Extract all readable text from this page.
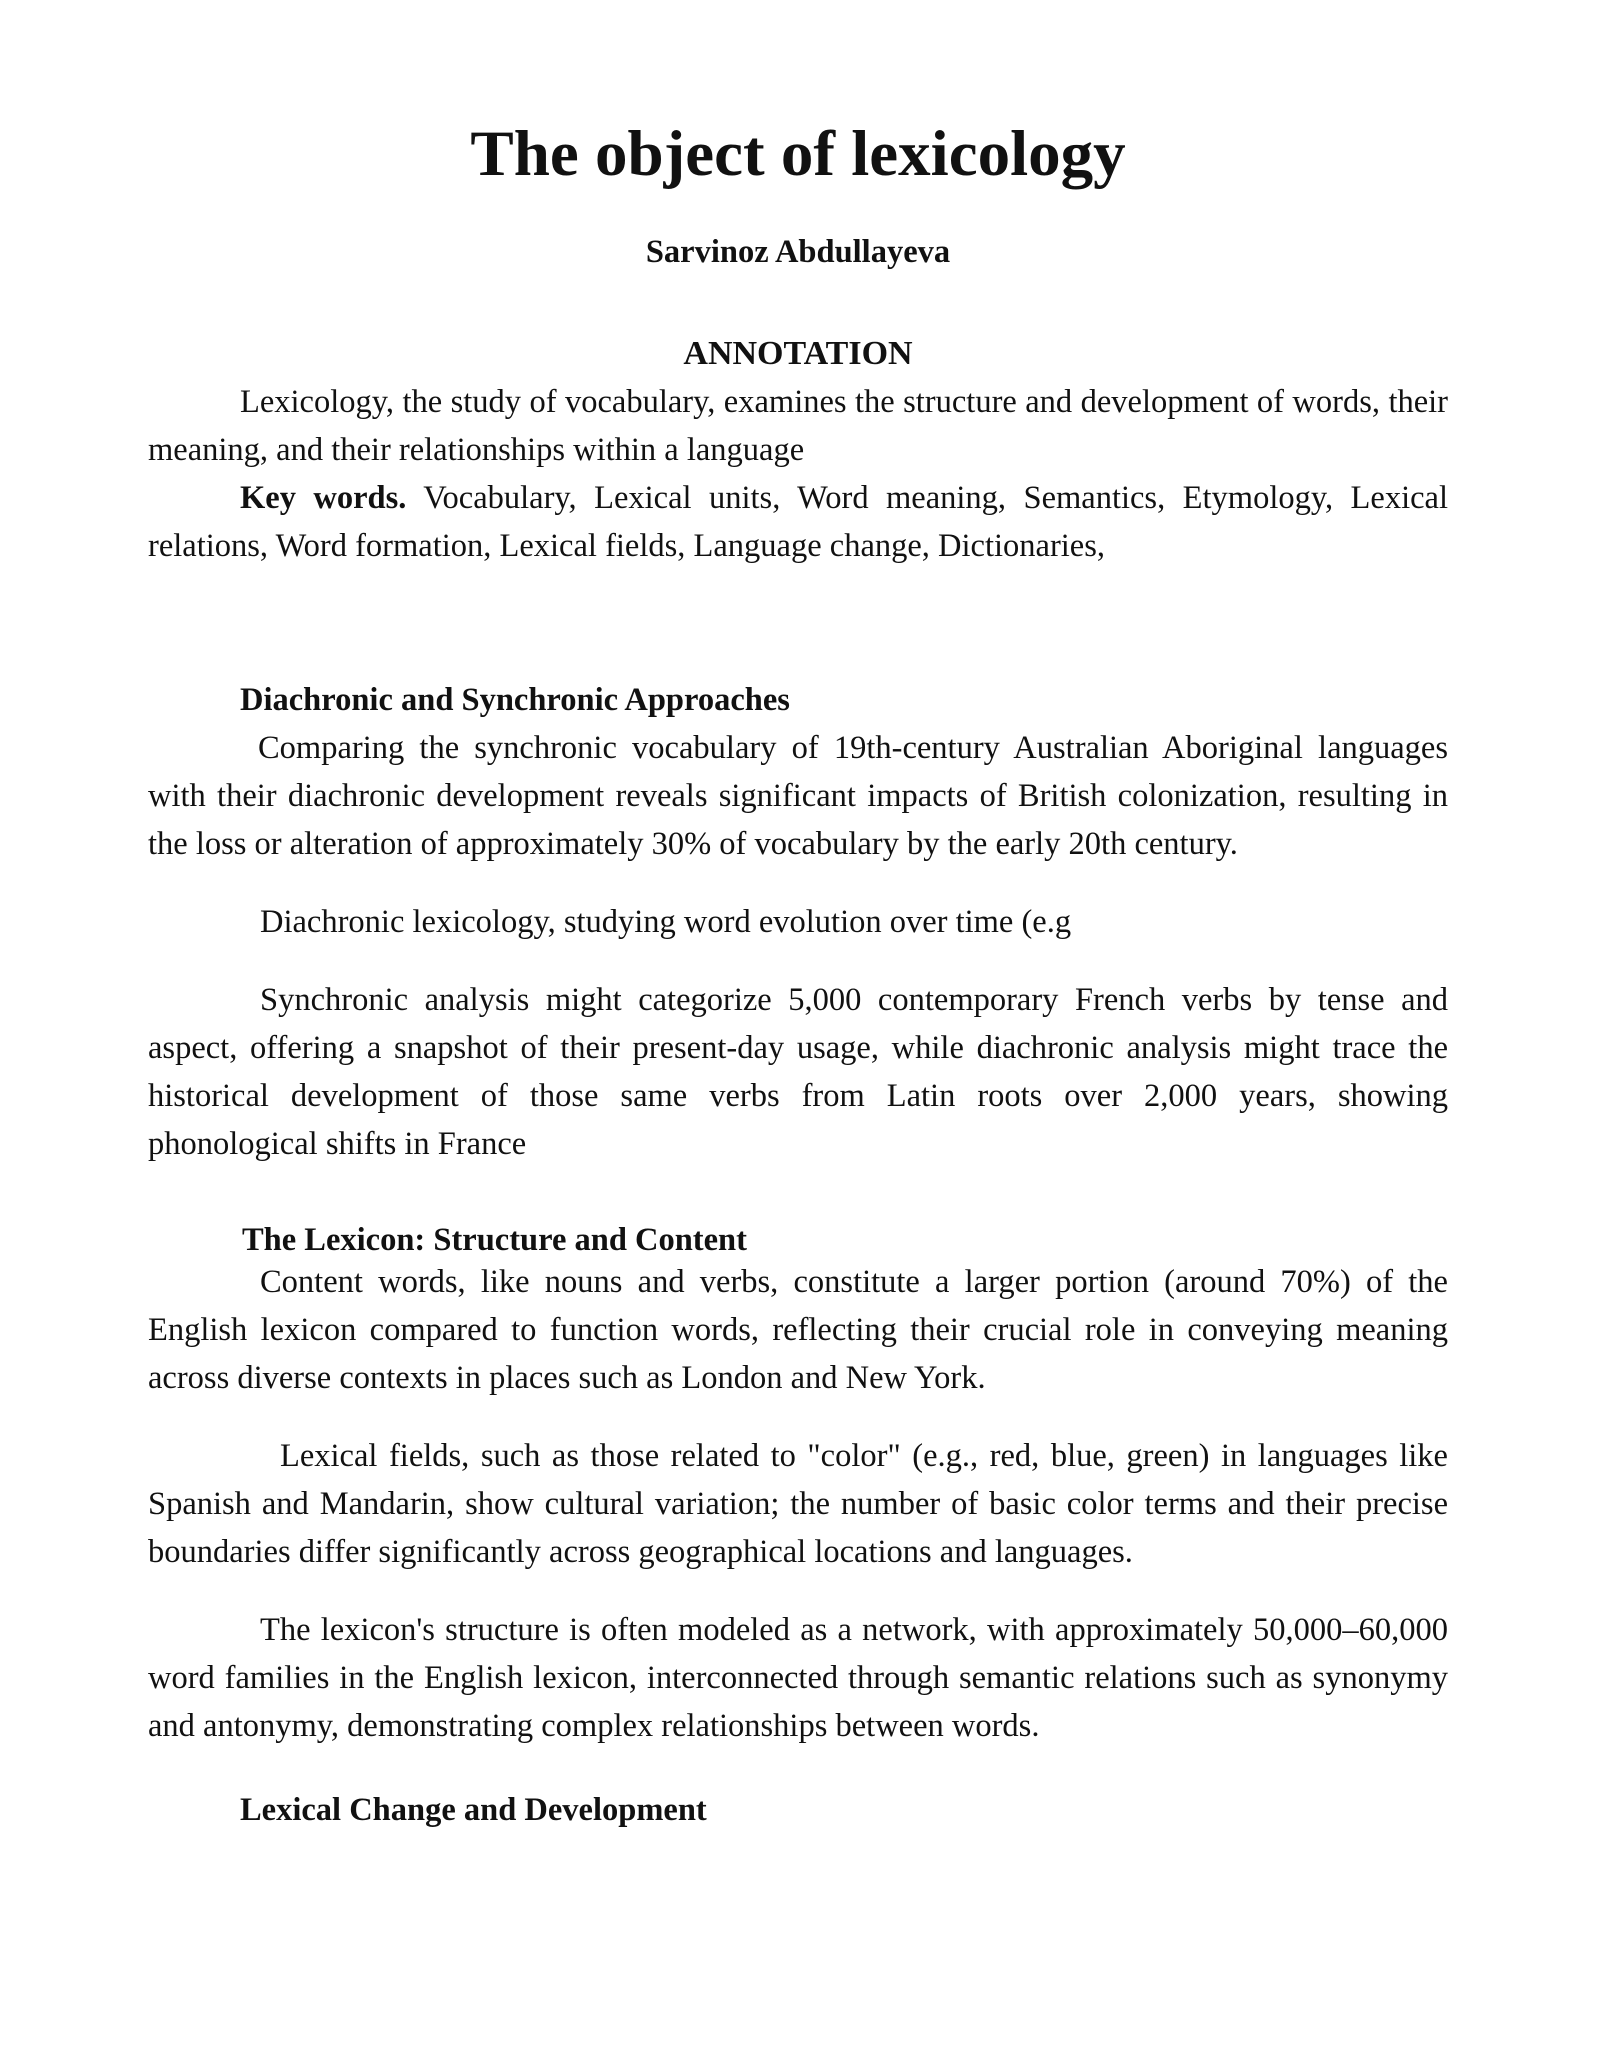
The object of lexicology
Sarvinoz Abdullayeva
ANNOTATION

Lexicology, the study of vocabulary, examines the structure and development of words, their meaning, and their relationships within a language

Key words. Vocabulary, Lexical units, Word meaning, Semantics, Etymology, Lexical relations, Word formation, Lexical fields, Language change, Dictionaries,

Diachronic and Synchronic Approaches

Comparing the synchronic vocabulary of 19th-century Australian Aboriginal languages with their diachronic development reveals significant impacts of British colonization, resulting in the loss or alteration of approximately 30% of vocabulary by the early 20th century.

Diachronic lexicology, studying word evolution over time (e.g

Synchronic analysis might categorize 5,000 contemporary French verbs by tense and aspect, offering a snapshot of their present-day usage, while diachronic analysis might trace the historical development of those same verbs from Latin roots over 2,000 years, showing phonological shifts in France

The Lexicon: Structure and Content

Content words, like nouns and verbs, constitute a larger portion (around 70%) of the English lexicon compared to function words, reflecting their crucial role in conveying meaning across diverse contexts in places such as London and New York.

Lexical fields, such as those related to "color" (e.g., red, blue, green) in languages like Spanish and Mandarin, show cultural variation; the number of basic color terms and their precise boundaries differ significantly across geographical locations and languages.

The lexicon's structure is often modeled as a network, with approximately 50,000–60,000 word families in the English lexicon, interconnected through semantic relations such as synonymy and antonymy, demonstrating complex relationships between words.

Lexical Change and Development
